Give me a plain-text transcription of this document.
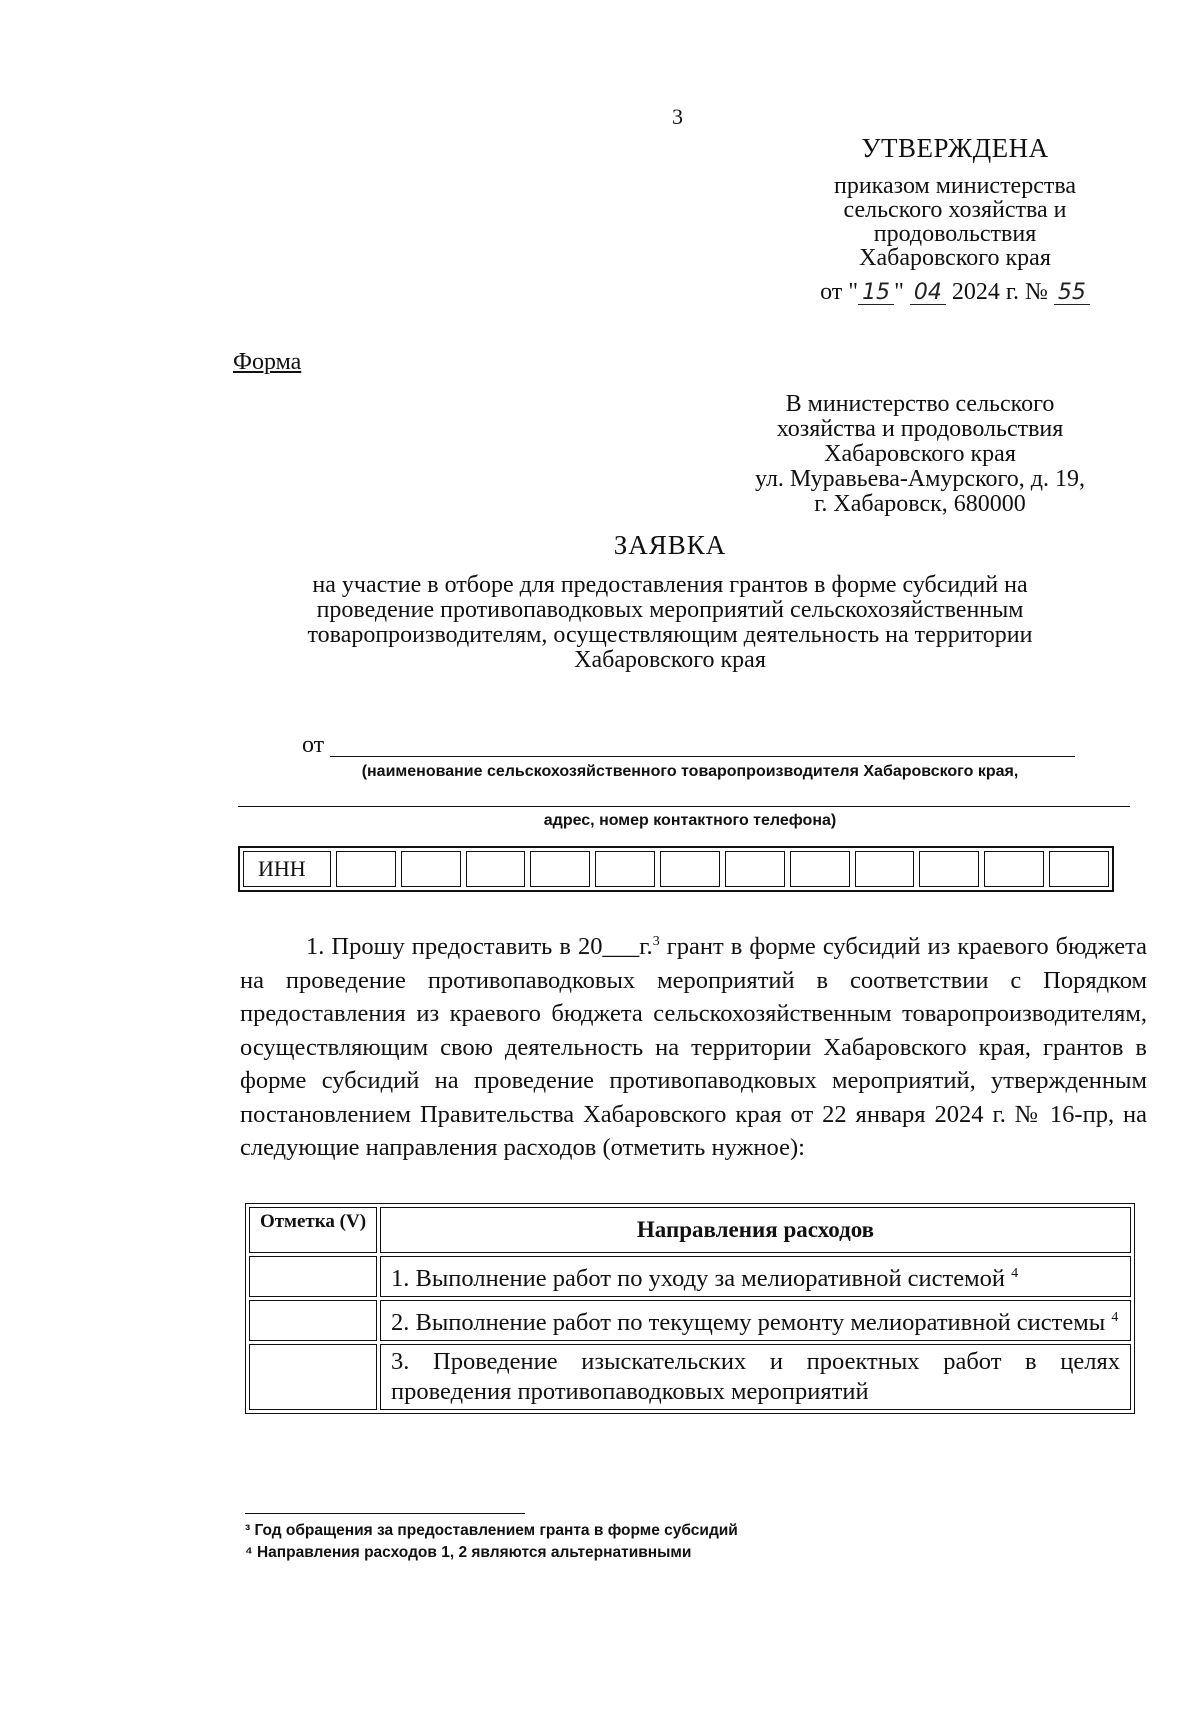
3
УТВЕРЖДЕНА
приказом министерства
сельского хозяйства и
продовольствия
Хабаровского края
от " 15 " 04 2024 г. № 55
Форма
В министерство сельского
хозяйства и продовольствия
Хабаровского края
ул. Муравьева-Амурского, д. 19,
г. Хабаровск, 680000
ЗАЯВКА
на участие в отборе для предоставления грантов в форме субсидий на
проведение противопаводковых мероприятий сельскохозяйственным
товаропроизводителям, осуществляющим деятельность на территории
Хабаровского края
от
(наименование сельскохозяйственного товаропроизводителя Хабаровского края,
адрес, номер контактного телефона)
ИНН
1. Прошу предоставить в 20___г.$^3$ грант в форме субсидий из краевого бюджета на проведение противопаводковых мероприятий в соответствии с Порядком предоставления из краевого бюджета сельскохозяйственным товаропроизводителям, осуществляющим свою деятельность на территории Хабаровского края, грантов в форме субсидий на проведение противопаводковых мероприятий, утвержденным постановлением Правительства Хабаровского края от 22 января 2024 г. № 16-пр, на следующие направления расходов (отметить нужное):
Отметка (V)	Направления расходов
	1. Выполнение работ по уходу за мелиоративной системой $^4$
	2. Выполнение работ по текущему ремонту мелиоративной системы $^4$
	3. Проведение изыскательских и проектных работ в целях проведения противопаводковых мероприятий
³ Год обращения за предоставлением гранта в форме субсидий
⁴ Направления расходов 1, 2 являются альтернативными
